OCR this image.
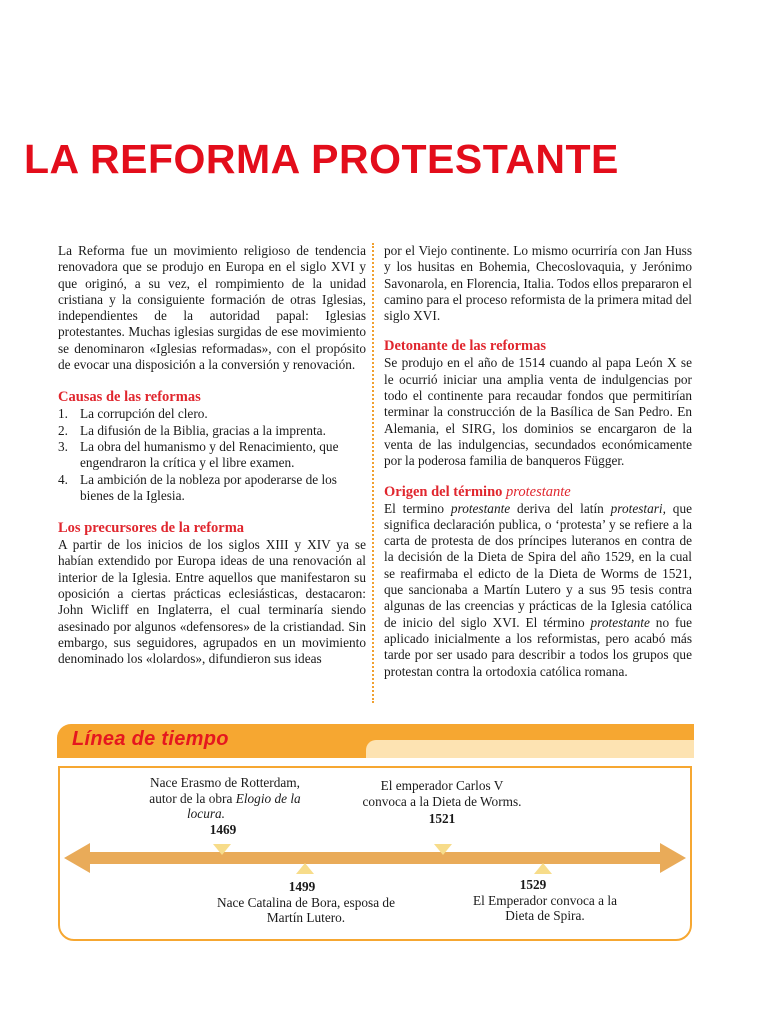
LA REFORMA PROTESTANTE

La Reforma fue un movimiento religioso de tendencia renovadora que se produjo en Europa en el siglo XVI y que originó, a su vez, el rompimiento de la unidad cristiana y la consiguiente formación de otras Iglesias, independientes de la autoridad papal: Iglesias protestantes. Muchas iglesias surgidas de ese movimiento se denominaron «Iglesias reformadas», con el propósito de evocar una disposición a la conversión y renovación.

Causas de las reformas
1. La corrupción del clero.
2. La difusión de la Biblia, gracias a la imprenta.
3. La obra del humanismo y del Renacimiento, que engendraron la crítica y el libre examen.
4. La ambición de la nobleza por apoderarse de los bienes de la Iglesia.
Los precursores de la reforma

A partir de los inicios de los siglos XIII y XIV ya se habían extendido por Europa ideas de una renovación al interior de la Iglesia. Entre aquellos que manifestaron su oposición a ciertas prácticas eclesiásticas, destacaron: John Wicliff en Inglaterra, el cual terminaría siendo asesinado por algunos «defensores» de la cristiandad. Sin embargo, sus seguidores, agrupados en un movimiento denominado los «lolardos», difundieron sus ideas

por el Viejo continente. Lo mismo ocurriría con Jan Huss y los husitas en Bohemia, Checoslovaquia, y Jerónimo Savonarola, en Florencia, Italia. Todos ellos prepararon el camino para el proceso reformista de la primera mitad del siglo XVI.

Detonante de las reformas

Se produjo en el año de 1514 cuando al papa León X se le ocurrió iniciar una amplia venta de indulgencias por todo el continente para recaudar fondos que permitirían terminar la construcción de la Basílica de San Pedro. En Alemania, el SIRG, los dominios se encargaron de la venta de las indulgencias, secundados económicamente por la poderosa familia de banqueros Függer.

Origen del término protestante

El termino protestante deriva del latín protestari, que significa declaración publica, o ‘protesta’ y se refiere a la carta de protesta de dos príncipes luteranos en contra de la decisión de la Dieta de Spira del año 1529, en la cual se reafirmaba el edicto de la Dieta de Worms de 1521, que sancionaba a Martín Lutero y a sus 95 tesis contra algunas de las creencias y prácticas de la Iglesia católica de inicio del siglo XVI. El término protestante no fue aplicado inicialmente a los reformistas, pero acabó más tarde por ser usado para describir a todos los grupos que protestan contra la ortodoxia católica romana.

Línea de tiempo
Nace Erasmo de Rotterdam,
autor de la obra Elogio de la
locura.
1469
El emperador Carlos V
convoca a la Dieta de Worms.
1521
1499
Nace Catalina de Bora, esposa de
Martín Lutero.
1529
El Emperador convoca a la
Dieta de Spira.
